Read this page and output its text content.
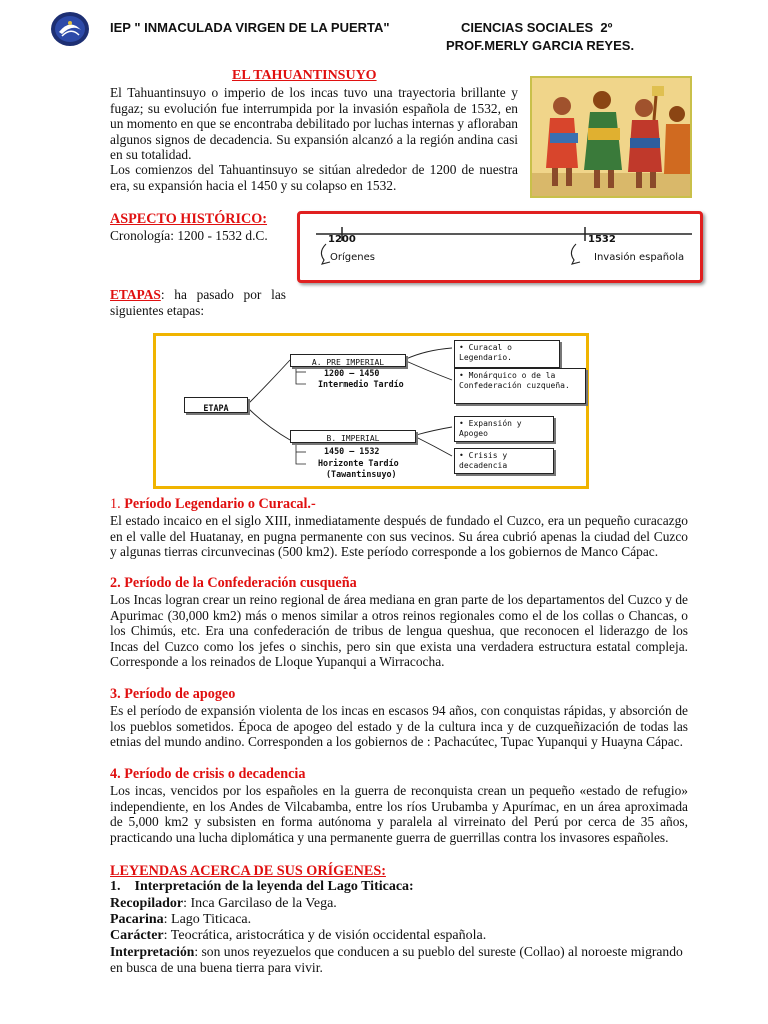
IEP " INMACULADA VIRGEN DE LA PUERTA"	CIENCIAS SOCIALES 2º
PROF.MERLY GARCIA REYES.
EL TAHUANTINSUYO

El Tahuantinsuyo o imperio de los incas tuvo una trayectoria brillante y fugaz; su evolución fue interrumpida por la invasión española de 1532, en un momento en que se encontraba debilitado por luchas internas y afloraban algunos signos de decadencia. Su expansión alcanzó a la región andina casi en su totalidad.

Los comienzos del Tahuantinsuyo se sitúan alrededor de 1200 de nuestra era, su expansión hacia el 1450 y su colapso en 1532.

ASPECTO HISTÓRICO:
Cronología: 1200 - 1532 d.C.	1200
Orígenes
1532
Invasión española

ETAPAS: ha pasado por las siguientes etapas:

ETAPA
A. PRE IMPERIAL
1200 – 1450
Intermedio Tardío
• Curacal o Legendario.
• Monárquico o de la Confederación cuzqueña.
B. IMPERIAL
1450 – 1532
Horizonte Tardío
(Tawantinsuyo)
• Expansión y Apogeo
• Crisis y decadencia
1. Período Legendario o Curacal.-

El estado incaico en el siglo XIII, inmediatamente después de fundado el Cuzco, era un pequeño curacazgo en el valle del Huatanay, en pugna permanente con sus vecinos. Su área cubrió apenas la ciudad del Cuzco y algunas tierras circunvecinas (500 km2). Este período corresponde a los gobiernos de Manco Cápac.

2. Período de la Confederación cusqueña

Los Incas logran crear un reino regional de área mediana en gran parte de los departamentos del Cuzco y de Apurimac (30,000 km2) más o menos similar a otros reinos regionales como el de los collas o Chancas, o los Chimús, etc. Era una confederación de tribus de lengua queshua, que reconocen el liderazgo de los Incas del Cuzco como los jefes o sinchis, pero sin que exista una verdadera estructura estatal compleja. Corresponde a los reinados de Lloque Yupanqui a Wirracocha.

3. Período de apogeo

Es el período de expansión violenta de los incas en escasos 94 años, con conquistas rápidas, y absorción de los pueblos sometidos. Época de apogeo del estado y de la cultura inca y de cuzqueñización de todas las etnias del mundo andino. Corresponden a los gobiernos de : Pachacútec, Tupac Yupanqui y Huayna Cápac.

4. Período de crisis o decadencia

Los incas, vencidos por los españoles en la guerra de reconquista crean un pequeño «estado de refugio» independiente, en los Andes de Vilcabamba, entre los ríos Urubamba y Apurímac, en un área aproximada de 5,000 km2 y subsisten en forma autónoma y paralela al virreinato del Perú por cerca de 35 años, practicando una lucha diplomática y una permanente guerra de guerrillas contra los invasores españoles.

LEYENDAS ACERCA DE SUS ORÍGENES:
1.    Interpretación de la leyenda del Lago Titicaca:
Recopilador: Inca Garcilaso de la Vega.
Pacarina: Lago Titicaca.
Carácter: Teocrática, aristocrática y de visión occidental española.

Interpretación: son unos reyezuelos que conducen a su pueblo del sureste (Collao) al noroeste migrando en busca de una buena tierra para vivir.
